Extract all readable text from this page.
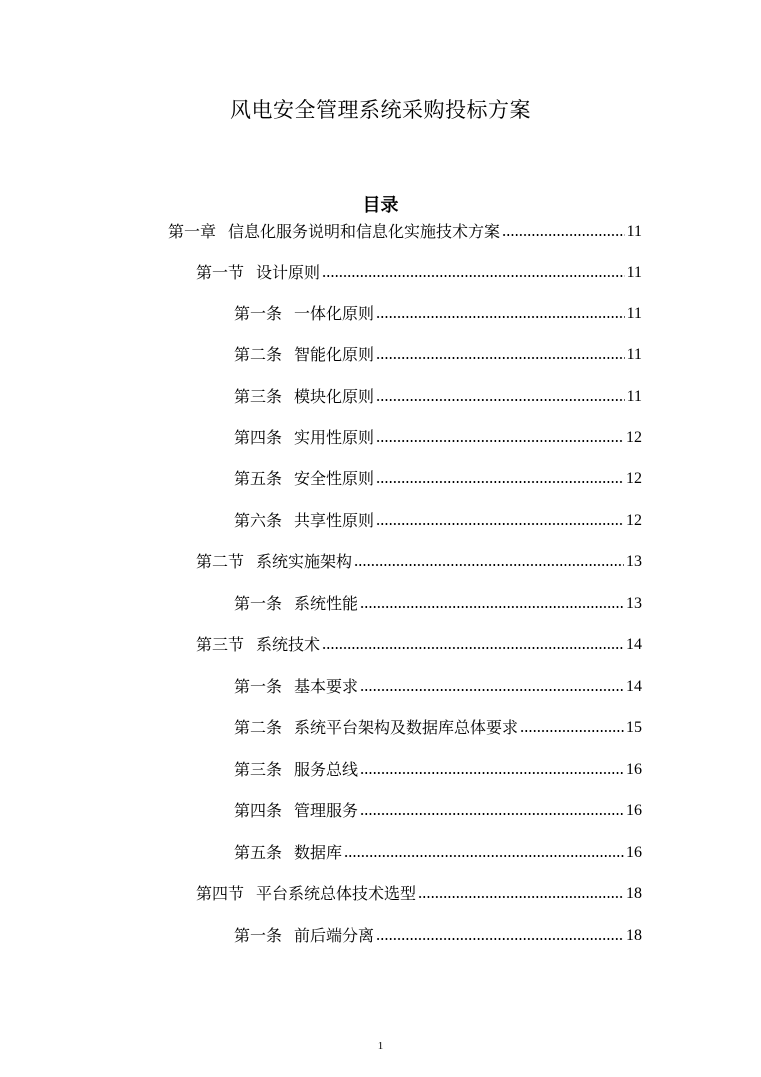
风电安全管理系统采购投标方案
目录
第一章 信息化服务说明和信息化实施技术方案	11
第一节 设计原则	11
第一条 一体化原则	11
第二条 智能化原则	11
第三条 模块化原则	11
第四条 实用性原则	12
第五条 安全性原则	12
第六条 共享性原则	12
第二节 系统实施架构	13
第一条 系统性能	13
第三节 系统技术	14
第一条 基本要求	14
第二条 系统平台架构及数据库总体要求	15
第三条 服务总线	16
第四条 管理服务	16
第五条 数据库	16
第四节 平台系统总体技术选型	18
第一条 前后端分离	18
1
